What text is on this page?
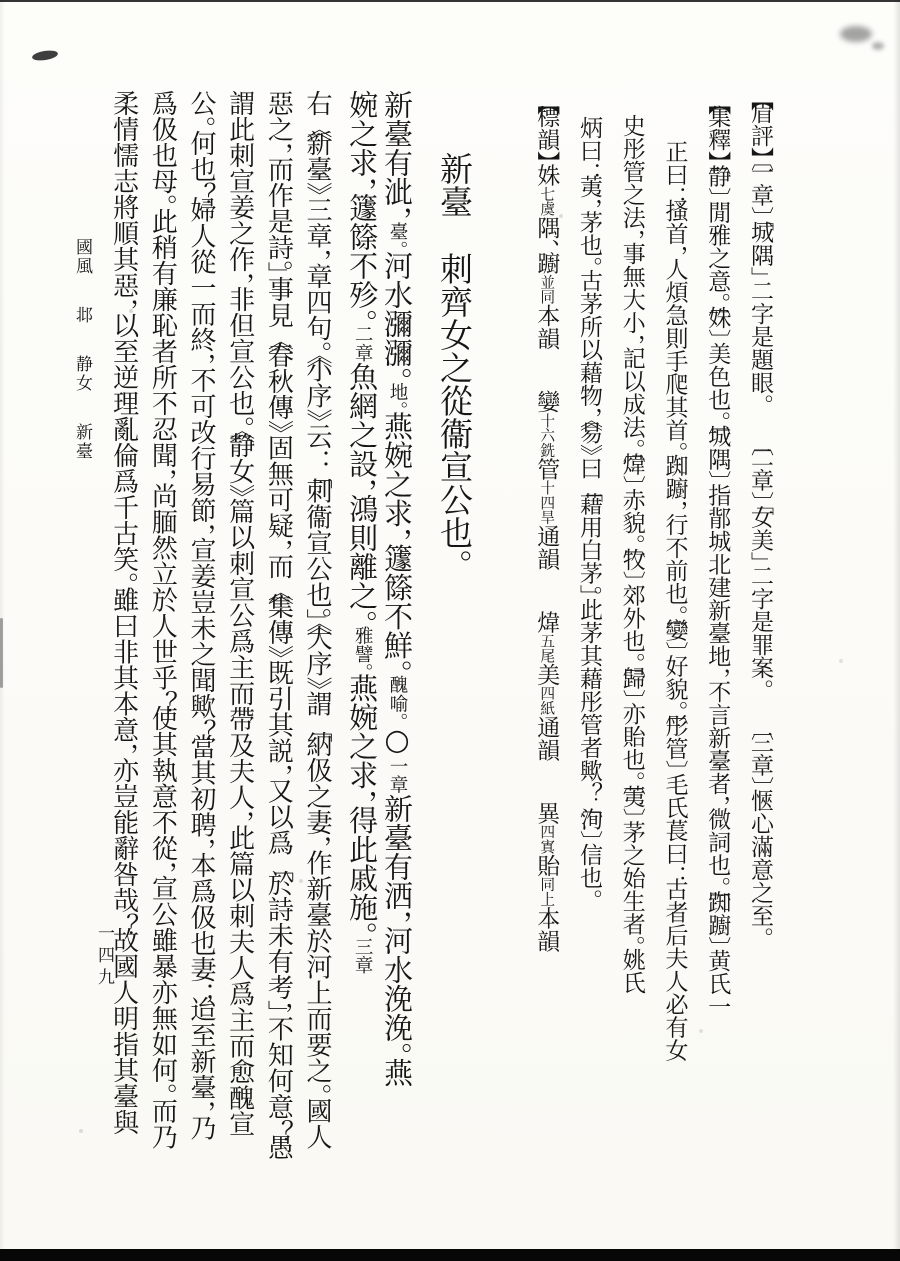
【眉評】〔一章〕「城隅」二字是題眼。〔二章〕「女美」二字是罪案。〔三章〕愜心滿意之至。
【集釋】〔静〕閒雅之意。〔姝〕美色也。〔城隅〕指鄁城北建新臺地，不言新臺者，微詞也。〔踟躕〕黄氏一
正曰：搔首，人煩急則手爬其首。踟躕，行不前也。〔孌〕好貌。〔彤管〕毛氏萇曰：古者后夫人必有女
史彤管之法，事無大小，記以成法。〔煒〕赤貌。〔牧〕郊外也。〔歸〕亦貽也。〔荑〕茅之始生者。姚氏
炳曰：荑，茅也。古茅所以藉物，《易》曰「藉用白茅」。此茅其藉彤管者歟？〔洵〕信也。
【標韻】姝七虞隅、躕並同本韻孌十六銑管十四旱通韻煒五尾美四紙通韻異四寘貽同上本韻
新臺刺齊女之從衞宣公也。
新臺有泚，臺。河水瀰瀰。地。燕婉之求，籧篨不鮮。醜喻。○一章新臺有洒，河水浼浼。燕
婉之求，籧篨不殄。二章魚網之設，鴻則離之。雅譬。燕婉之求，得此戚施。三章
右《新臺》三章，章四句。《小序》云：「刺衞宣公也。」《大序》謂「納伋之妻，作新臺於河上而要之。國人
惡之，而作是詩。」事見《春秋傳》固無可疑，而《集傳》既引其説，又以爲「於詩未有考」，不知何意？愚
謂此刺宣姜之作，非但宣公也。《静女》篇以刺宣公爲主而帶及夫人，此篇以刺夫人爲主而愈醜宣
公。何也？婦人從一而終，不可改行易節，宣姜豈未之聞歟？當其初聘，本爲伋也妻；迨至新臺，乃
爲伋也母。此稍有廉恥者所不忍聞，尚腼然立於人世乎？使其執意不從，宣公雖暴亦無如何。而乃
柔情懦志將順其惡，以至逆理亂倫爲千古笑。雖曰非其本意，亦豈能辭咎哉？故國人明指其臺與
國風邶静女新臺
一四九
